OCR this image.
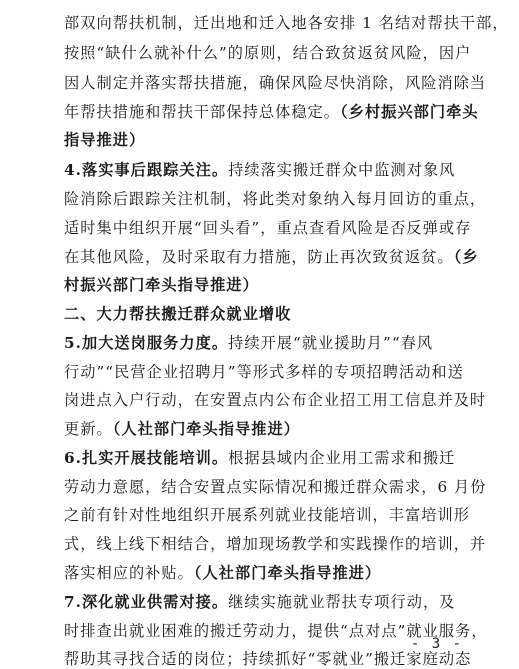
部双向帮扶机制，迁出地和迁入地各安排 1 名结对帮扶干部，
按照“缺什么就补什么”的原则，结合致贫返贫风险，因户
因人制定并落实帮扶措施，确保风险尽快消除，风险消除当
年帮扶措施和帮扶干部保持总体稳定。（乡村振兴部门牵头
指导推进）
4.落实事后跟踪关注。持续落实搬迁群众中监测对象风
险消除后跟踪关注机制，将此类对象纳入每月回访的重点，
适时集中组织开展“回头看”，重点查看风险是否反弹或存
在其他风险，及时采取有力措施，防止再次致贫返贫。（乡
村振兴部门牵头指导推进）
二、大力帮扶搬迁群众就业增收
5.加大送岗服务力度。持续开展“就业援助月”“春风
行动”“民营企业招聘月”等形式多样的专项招聘活动和送
岗进点入户行动，在安置点内公布企业招工用工信息并及时
更新。（人社部门牵头指导推进）
6.扎实开展技能培训。根据县域内企业用工需求和搬迁
劳动力意愿，结合安置点实际情况和搬迁群众需求，6 月份
之前有针对性地组织开展系列就业技能培训，丰富培训形
式，线上线下相结合，增加现场教学和实践操作的培训，并
落实相应的补贴。（人社部门牵头指导推进）
7.深化就业供需对接。继续实施就业帮扶专项行动，及
时排查出就业困难的搬迁劳动力，提供“点对点”就业服务，
帮助其寻找合适的岗位；持续抓好“零就业”搬迁家庭动态
- 3 -
